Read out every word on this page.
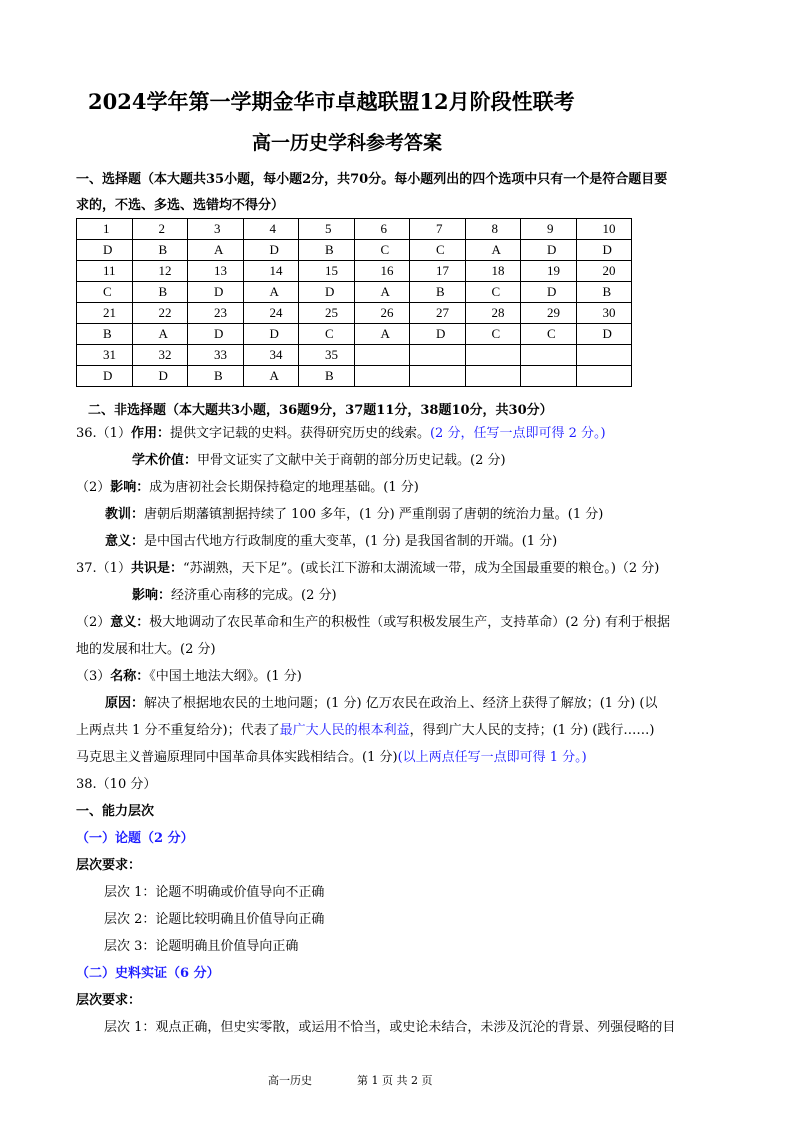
2024学年第一学期金华市卓越联盟12月阶段性联考
高一历史学科参考答案
一、选择题（本大题共35小题，每小题2分，共70分。每小题列出的四个选项中只有一个是符合题目要
求的，不选、多选、选错均不得分）
1	2	3	4	5	6	7	8	9	10
D	B	A	D	B	C	C	A	D	D
11	12	13	14	15	16	17	18	19	20
C	B	D	A	D	A	B	C	D	B
21	22	23	24	25	26	27	28	29	30
B	A	D	D	C	A	D	C	C	D
31	32	33	34	35					
D	D	B	A	B					
二、非选择题（本大题共3小题，36题9分，37题11分，38题10分，共30分）
36.（1）作用：提供文字记载的史料。获得研究历史的线索。(2 分，任写一点即可得 2 分。)
学术价值：甲骨文证实了文献中关于商朝的部分历史记载。(2 分)
（2）影响：成为唐初社会长期保持稳定的地理基础。(1 分)
教训：唐朝后期藩镇割据持续了 100 多年，(1 分) 严重削弱了唐朝的统治力量。(1 分)
意义：是中国古代地方行政制度的重大变革，(1 分) 是我国省制的开端。(1 分)
37.（1）共识是：“苏湖熟，天下足”。(或长江下游和太湖流域一带，成为全国最重要的粮仓。)（2 分)
影响：经济重心南移的完成。(2 分)
（2）意义：极大地调动了农民革命和生产的积极性（或写积极发展生产，支持革命）(2 分) 有利于根据
地的发展和壮大。(2 分)
（3）名称：《中国土地法大纲》。(1 分)
原因：解决了根据地农民的土地问题；(1 分) 亿万农民在政治上、经济上获得了解放；(1 分) (以
上两点共 1 分不重复给分)；代表了最广大人民的根本利益，得到广大人民的支持；(1 分) (践行……)
马克思主义普遍原理同中国革命具体实践相结合。(1 分)(以上两点任写一点即可得 1 分。)
38.（10 分）
一、能力层次
（一）论题（2 分）
层次要求：
层次 1：论题不明确或价值导向不正确
层次 2：论题比较明确且价值导向正确
层次 3：论题明确且价值导向正确
（二）史料实证（6 分）
层次要求：
层次 1：观点正确，但史实零散，或运用不恰当，或史论未结合，未涉及沉沦的背景、列强侵略的目
高一历史	第 1 页 共 2 页
